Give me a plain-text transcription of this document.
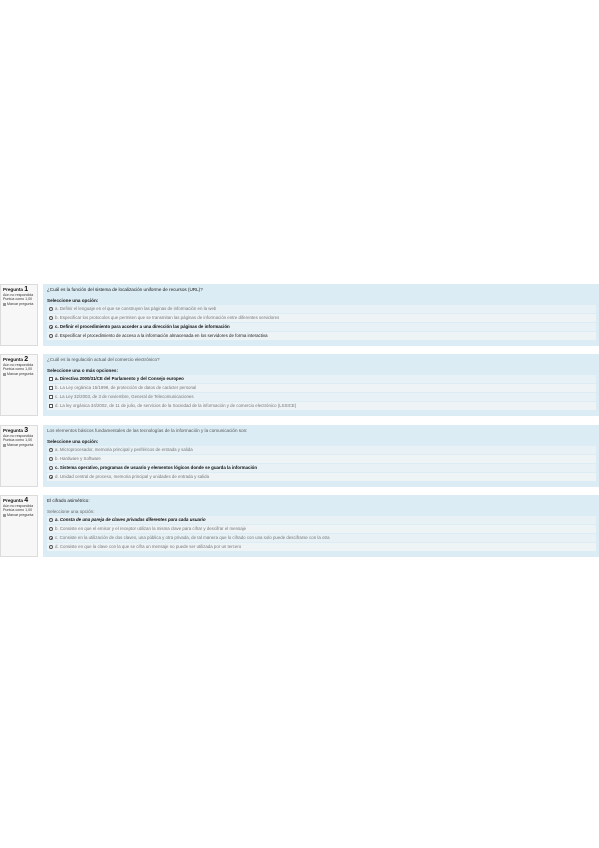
Pregunta 1
Aún no respondida
Puntúa como 1,00
Marcar pregunta
¿Cuál es la función del sistema de localización uniforme de recursos (URL)?
Seleccione una opción:
a. Definir el lenguaje en el que se construyen las páginas de información en la web
b. Especificar los protocolos que permiten que se transmitan las páginas de información entre diferentes servidores
c. Definir el procedimiento para acceder a una dirección las páginas de información
d. Especificar el procedimiento de acceso a la información almacenada en los servidores de forma interactiva
Pregunta 2
Aún no respondida
Puntúa como 1,00
Marcar pregunta
¿Cuál es la regulación actual del comercio electrónico?
Seleccione una o más opciones:
a. Directiva 2000/31/CE del Parlamento y del Consejo europeo
b. La Ley orgánica 15/1999, de protección de datos de carácter personal
c. La Ley 32/2003, de 3 de noviembre, General de Telecomunicaciones
d. La ley orgánica 34/2002, de 11 de julio, de servicios de la Sociedad de la información y de comercio electrónico (LSSICE)
Pregunta 3
Aún no respondida
Puntúa como 1,00
Marcar pregunta
Los elementos básicos fundamentales de las tecnologías de la información y la comunicación son:
Seleccione una opción:
a. Microprocesador, memoria principal y periféricos de entrada y salida
b. Hardware y Software
c. Sistema operativo, programas de usuario y elementos lógicos donde se guarda la información
d. Unidad central de proceso, memoria principal y unidades de entrada y salida
Pregunta 4
Aún no respondida
Puntúa como 1,00
Marcar pregunta
El cifrado asimétrico:
Seleccione una opción:
a. Consta de una pareja de claves privadas diferentes para cada usuario
b. Consiste en que el emisor y el receptor utilizan la misma clave para cifrar y descifrar el mensaje
c. Consiste en la utilización de dos claves, una pública y otra privada, de tal manera que lo cifrado con una solo puede descifrarse con la otra
d. Consiste en que la clave con la que se cifra un mensaje no puede ser utilizada por un tercero
